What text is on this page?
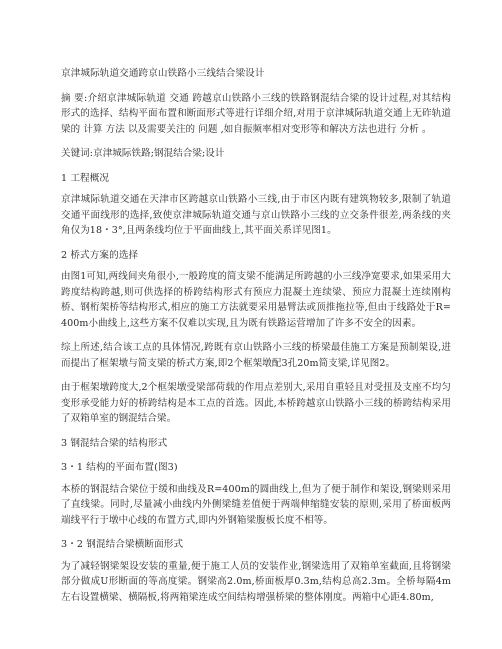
京津城际轨道交通跨京山铁路小三线结合梁设计

摘 要:介绍京津城际轨道 交通 跨越京山铁路小三线的铁路钢混结合梁的设计过程,对其结构形式的选择、结构平面布置和断面形式等进行详细介绍,对用于京津城际轨道交通上无砟轨道梁的 计算 方法 以及需要关注的 问题 ,如自振频率相对变形等和解决方法也进行 分析 。

关键词:京津城际铁路;钢混结合梁;设计

1 工程概况

京津城际轨道交通在天津市区跨越京山铁路小三线,由于市区内既有建筑物较多,限制了轨道交通平面线形的选择,致使京津城际轨道交通与京山铁路小三线的立交条件很差,两条线的夹角仅为18・3°,且两条线均位于平面曲线上,其平面关系详见图1。

2 桥式方案的选择

由图1可知,两线间夹角很小,一般跨度的简支梁不能满足所跨越的小三线净宽要求,如果采用大跨度结构跨越,则可供选择的桥跨结构形式有预应力混凝土连续梁、预应力混凝土连续刚构桥、钢桁架桥等结构形式,相应的施工方法就要采用悬臂法或顶推拖拉等,但由于线路处于R=400m小曲线上,这些方案不仅难以实现,且为既有铁路运营增加了许多不安全的因素。

综上所述,结合该工点的具体情况,跨既有京山铁路小三线的桥梁最佳施工方案是预制架设,进而提出了框架墩与简支梁的桥式方案,即2个框架墩配3孔20m简支梁,详见图2。

由于框架墩跨度大,2个框架墩受梁部荷载的作用点差别大,采用自重轻且对受扭及支座不均匀变形承受能力好的桥跨结构是本工点的首选。因此,本桥跨越京山铁路小三线的桥跨结构采用了双箱单室的钢混结合梁。

3 钢混结合梁的结构形式

3・1 结构的平面布置(图3)

本桥的钢混结合梁位于缓和曲线及R=400m的圆曲线上,但为了便于制作和架设,钢梁则采用了直线梁。同时,尽量减小曲线内外侧梁缝差值便于两端伸缩缝安装的原则,采用了桥面板两端线平行于墩中心线的布置方式,即内外钢箱梁腹板长度不相等。

3・2 钢混结合梁横断面形式

为了减轻钢梁架设安装的重量,便于施工人员的安装作业,钢梁选用了双箱单室截面,且将钢梁部分做成U形断面的等高度梁。钢梁高2.0m,桥面板厚0.3m,结构总高2.3m。全桥每隔4m左右设置横梁、横隔板,将两箱梁连成空间结构增强桥梁的整体刚度。两箱中心距4.80m,
